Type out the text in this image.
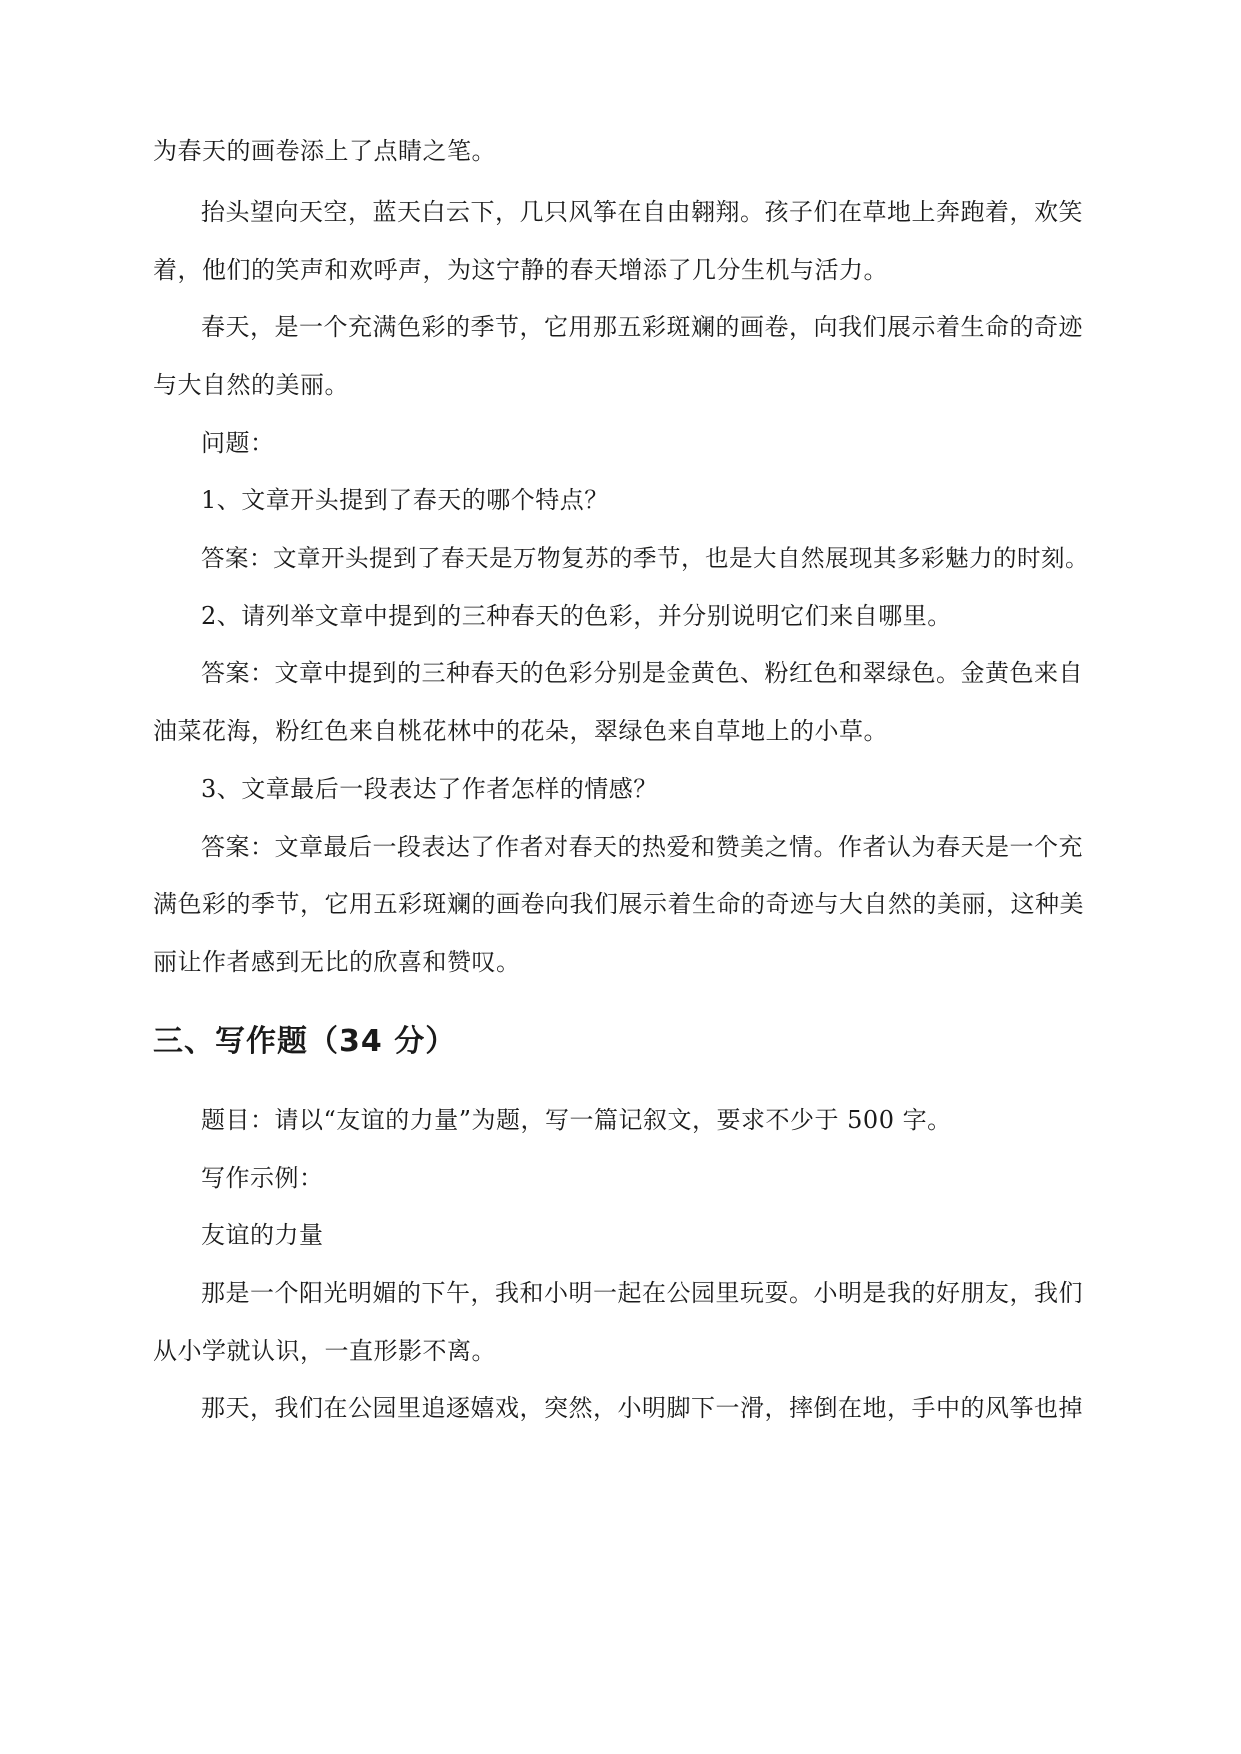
为春天的画卷添上了点睛之笔。
抬头望向天空，蓝天白云下，几只风筝在自由翱翔。孩子们在草地上奔跑着，欢笑
着，他们的笑声和欢呼声，为这宁静的春天增添了几分生机与活力。
春天，是一个充满色彩的季节，它用那五彩斑斓的画卷，向我们展示着生命的奇迹
与大自然的美丽。
问题：
1、文章开头提到了春天的哪个特点？
答案：文章开头提到了春天是万物复苏的季节，也是大自然展现其多彩魅力的时刻。
2、请列举文章中提到的三种春天的色彩，并分别说明它们来自哪里。
答案：文章中提到的三种春天的色彩分别是金黄色、粉红色和翠绿色。金黄色来自
油菜花海，粉红色来自桃花林中的花朵，翠绿色来自草地上的小草。
3、文章最后一段表达了作者怎样的情感？
答案：文章最后一段表达了作者对春天的热爱和赞美之情。作者认为春天是一个充
满色彩的季节，它用五彩斑斓的画卷向我们展示着生命的奇迹与大自然的美丽，这种美
丽让作者感到无比的欣喜和赞叹。
三、写作题（34 分）
题目：请以“友谊的力量”为题，写一篇记叙文，要求不少于 500 字。
写作示例：
友谊的力量
那是一个阳光明媚的下午，我和小明一起在公园里玩耍。小明是我的好朋友，我们
从小学就认识，一直形影不离。
那天，我们在公园里追逐嬉戏，突然，小明脚下一滑，摔倒在地，手中的风筝也掉
